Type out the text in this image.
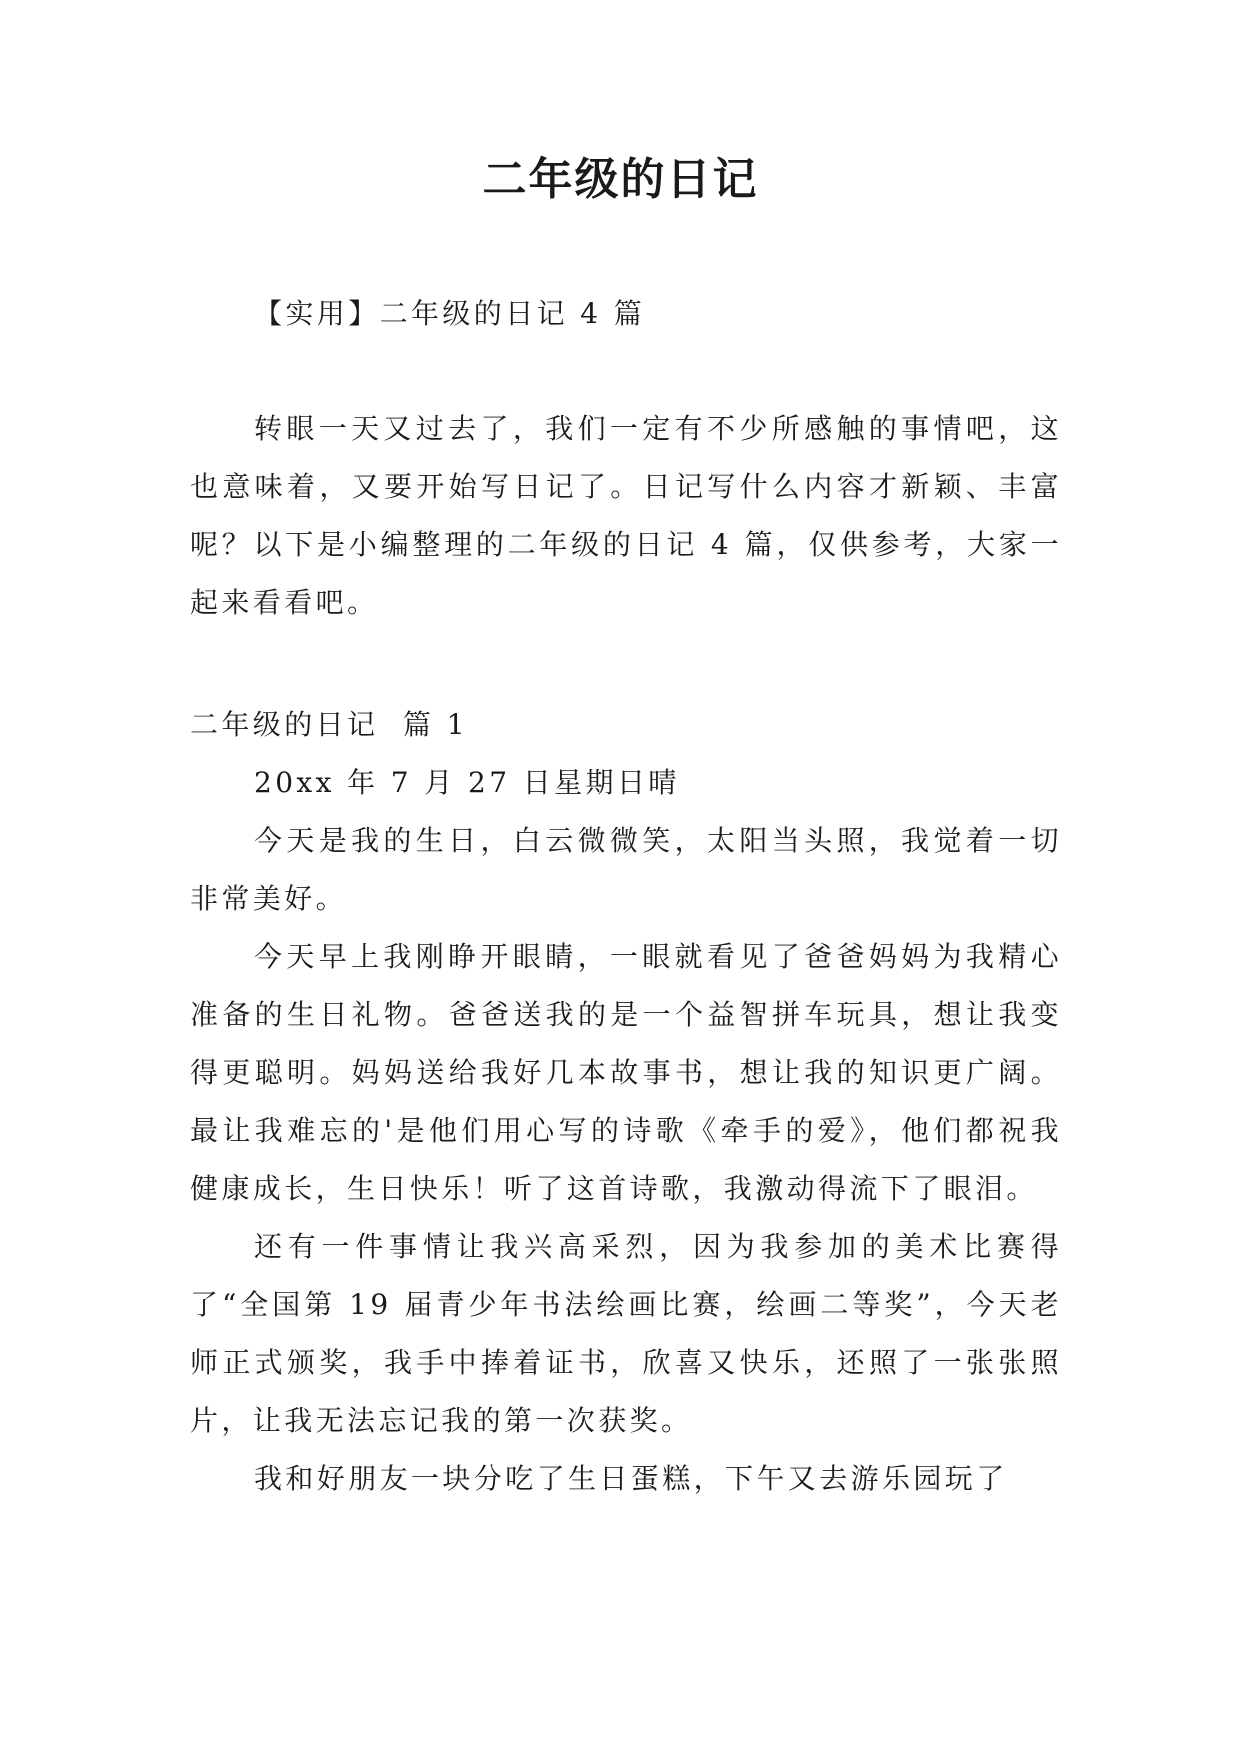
二年级的日记

【实用】二年级的日记 4 篇

转眼一天又过去了，我们一定有不少所感触的事情吧，这也意味着，又要开始写日记了。日记写什么内容才新颖、丰富呢？以下是小编整理的二年级的日记 4 篇，仅供参考，大家一起来看看吧。

二年级的日记  篇 1

20xx 年 7 月 27 日星期日晴

今天是我的生日，白云微微笑，太阳当头照，我觉着一切非常美好。

今天早上我刚睁开眼睛，一眼就看见了爸爸妈妈为我精心准备的生日礼物。爸爸送我的是一个益智拼车玩具，想让我变得更聪明。妈妈送给我好几本故事书，想让我的知识更广阔。最让我难忘的'是他们用心写的诗歌《牵手的爱》，他们都祝我健康成长，生日快乐！听了这首诗歌，我激动得流下了眼泪。

还有一件事情让我兴高采烈，因为我参加的美术比赛得了“全国第 19 届青少年书法绘画比赛，绘画二等奖”，今天老师正式颁奖，我手中捧着证书，欣喜又快乐，还照了一张张照片，让我无法忘记我的第一次获奖。

我和好朋友一块分吃了生日蛋糕，下午又去游乐园玩了
